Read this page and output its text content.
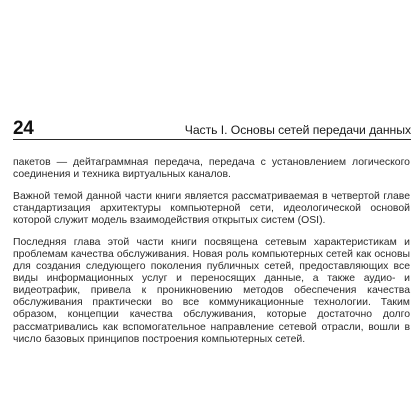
24	Часть I. Основы сетей передачи данных

пакетов — дейтаграммная передача, передача с установлением логического соединения и техника виртуальных каналов.

Важной темой данной части книги является рассматриваемая в четвертой главе стандартизация архитектуры компьютерной сети, идеологической основой которой служит модель взаимодействия открытых систем (OSI).

Последняя глава этой части книги посвящена сетевым характеристикам и проблемам качества обслуживания. Новая роль компьютерных сетей как основы для создания следующего поколения публичных сетей, предоставляющих все виды информационных услуг и переносящих данные, а также аудио- и видеотрафик, привела к проникновению методов обеспечения качества обслуживания практически во все коммуникационные технологии. Таким образом, концепции качества обслуживания, которые достаточно долго рассматривались как вспомогательное направление сетевой отрасли, вошли в число базовых принципов построения компьютерных сетей.
